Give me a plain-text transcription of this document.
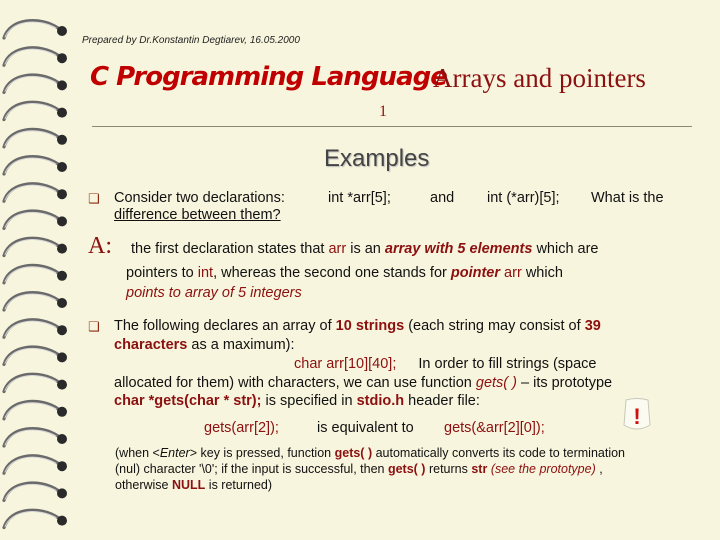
Prepared by Dr.Konstantin Degtiarev, 16.05.2000
C Programming Language
Arrays and pointers
1
Examples
❑ Consider two declarations:	int *arr[5];	and int (*arr)[5]; What is the
difference between them?
A: the first declaration states that arr is an array with 5 elements which are
pointers to int, whereas the second one stands for pointer arr which
points to array of 5 integers
❑ The following declares an array of 10 strings (each string may consist of 39
characters as a maximum):
char arr[10][40]; In order to fill strings (space
allocated for them) with characters, we can use function gets( ) – its prototype
char *gets(char * str); is specified in stdio.h header file:
gets(arr[2]);	is equivalent to gets(&arr[2][0]);	!
(when <Enter> key is pressed, function gets( ) automatically converts its code to termination
(nul) character '\0'; if the input is successful, then gets( ) returns str (see the prototype) ,
otherwise NULL is returned)
